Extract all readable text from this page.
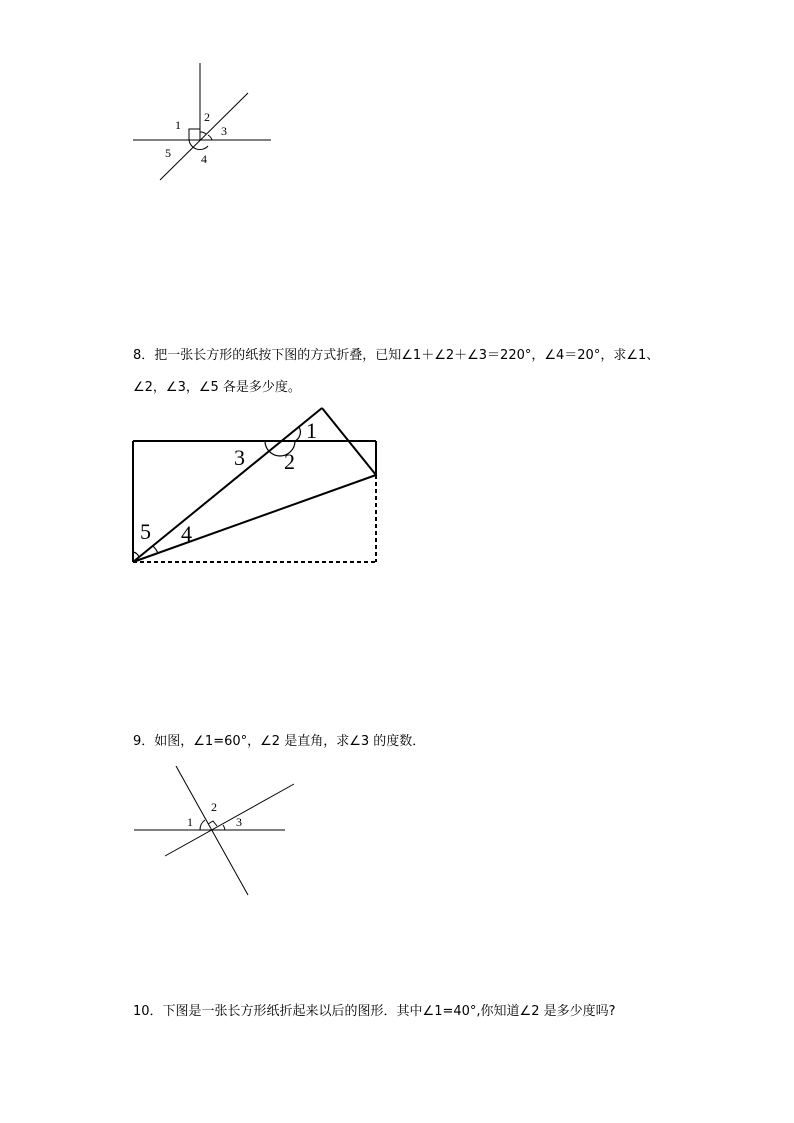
1
2
3
5	4

8．把一张长方形的纸按下图的方式折叠，已知∠1＋∠2＋∠3＝220°，∠4＝20°，求∠1、

∠2，∠3，∠5 各是多少度。

1
2
3
4
5

9．如图，∠1=60°，∠2 是直角，求∠3 的度数．

1
2
3

10．下图是一张长方形纸折起来以后的图形．其中∠1=40°,你知道∠2 是多少度吗?
